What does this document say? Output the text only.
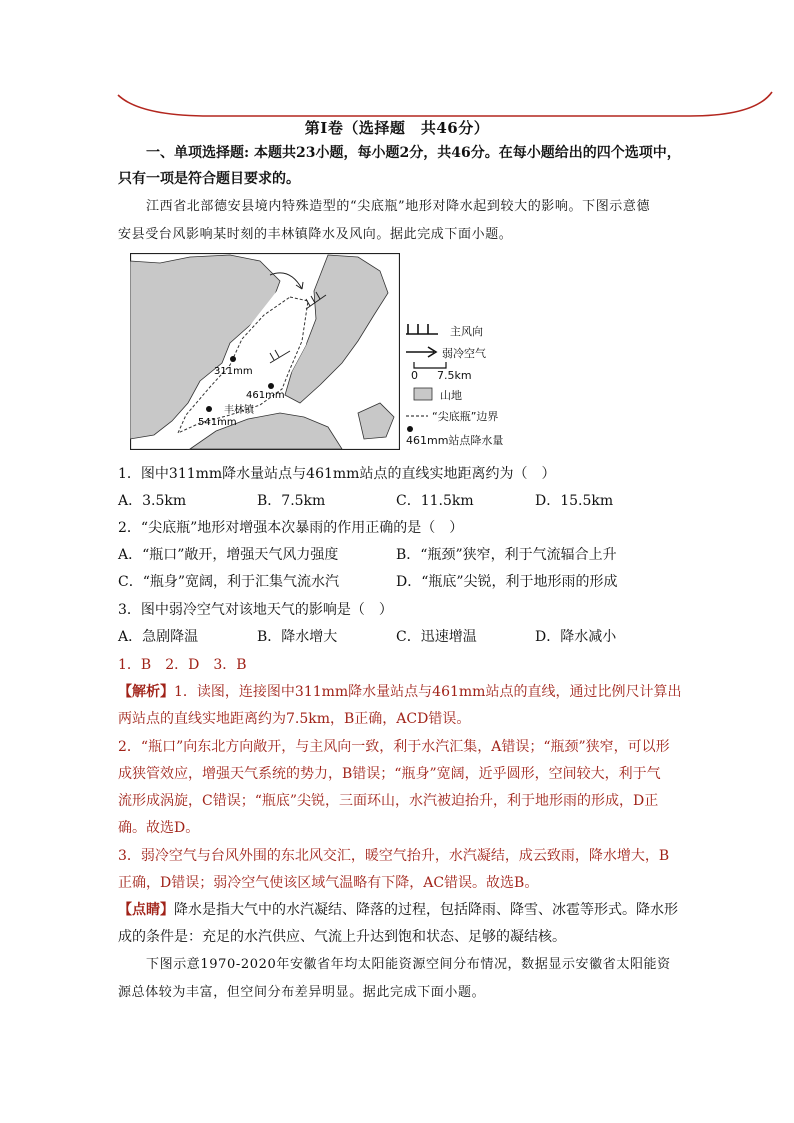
第Ⅰ卷（选择题　共46分）
一、单项选择题: 本题共23小题，每小题2分，共46分。在每小题给出的四个选项中，
只有一项是符合题目要求的。
江西省北部德安县境内特殊造型的“尖底瓶”地形对降水起到较大的影响。下图示意德
安县受台风影响某时刻的丰林镇降水及风向。据此完成下面小题。
311mm
461mm
丰林镇
541mm
主风向
弱冷空气
0 7.5km
山地
“尖底瓶”边界
461mm站点降水量
1．图中311mm降水量站点与461mm站点的直线实地距离约为（　）
A．3.5km	B．7.5km	C．11.5km	D．15.5km
2．“尖底瓶”地形对增强本次暴雨的作用正确的是（　）
A．“瓶口”敞开，增强天气风力强度	B．“瓶颈”狭窄，利于气流辐合上升
C．“瓶身”宽阔，利于汇集气流水汽	D．“瓶底”尖锐，利于地形雨的形成
3．图中弱冷空气对该地天气的影响是（　）
A．急剧降温	B．降水增大	C．迅速增温	D．降水减小
1．B　2．D　3．B
【解析】1．读图，连接图中311mm降水量站点与461mm站点的直线，通过比例尺计算出
两站点的直线实地距离约为7.5km，B正确，ACD错误。
2．“瓶口”向东北方向敞开，与主风向一致，利于水汽汇集，A错误；“瓶颈”狭窄，可以形
成狭管效应，增强天气系统的势力，B错误；“瓶身”宽阔，近乎圆形，空间较大，利于气
流形成涡旋，C错误；“瓶底”尖锐，三面环山，水汽被迫抬升，利于地形雨的形成，D正
确。故选D。
3．弱冷空气与台风外围的东北风交汇，暖空气抬升，水汽凝结，成云致雨，降水增大，B
正确，D错误；弱冷空气使该区域气温略有下降，AC错误。故选B。
【点睛】降水是指大气中的水汽凝结、降落的过程，包括降雨、降雪、冰雹等形式。降水形
成的条件是：充足的水汽供应、气流上升达到饱和状态、足够的凝结核。
下图示意1970-2020年安徽省年均太阳能资源空间分布情况，数据显示安徽省太阳能资
源总体较为丰富，但空间分布差异明显。据此完成下面小题。
